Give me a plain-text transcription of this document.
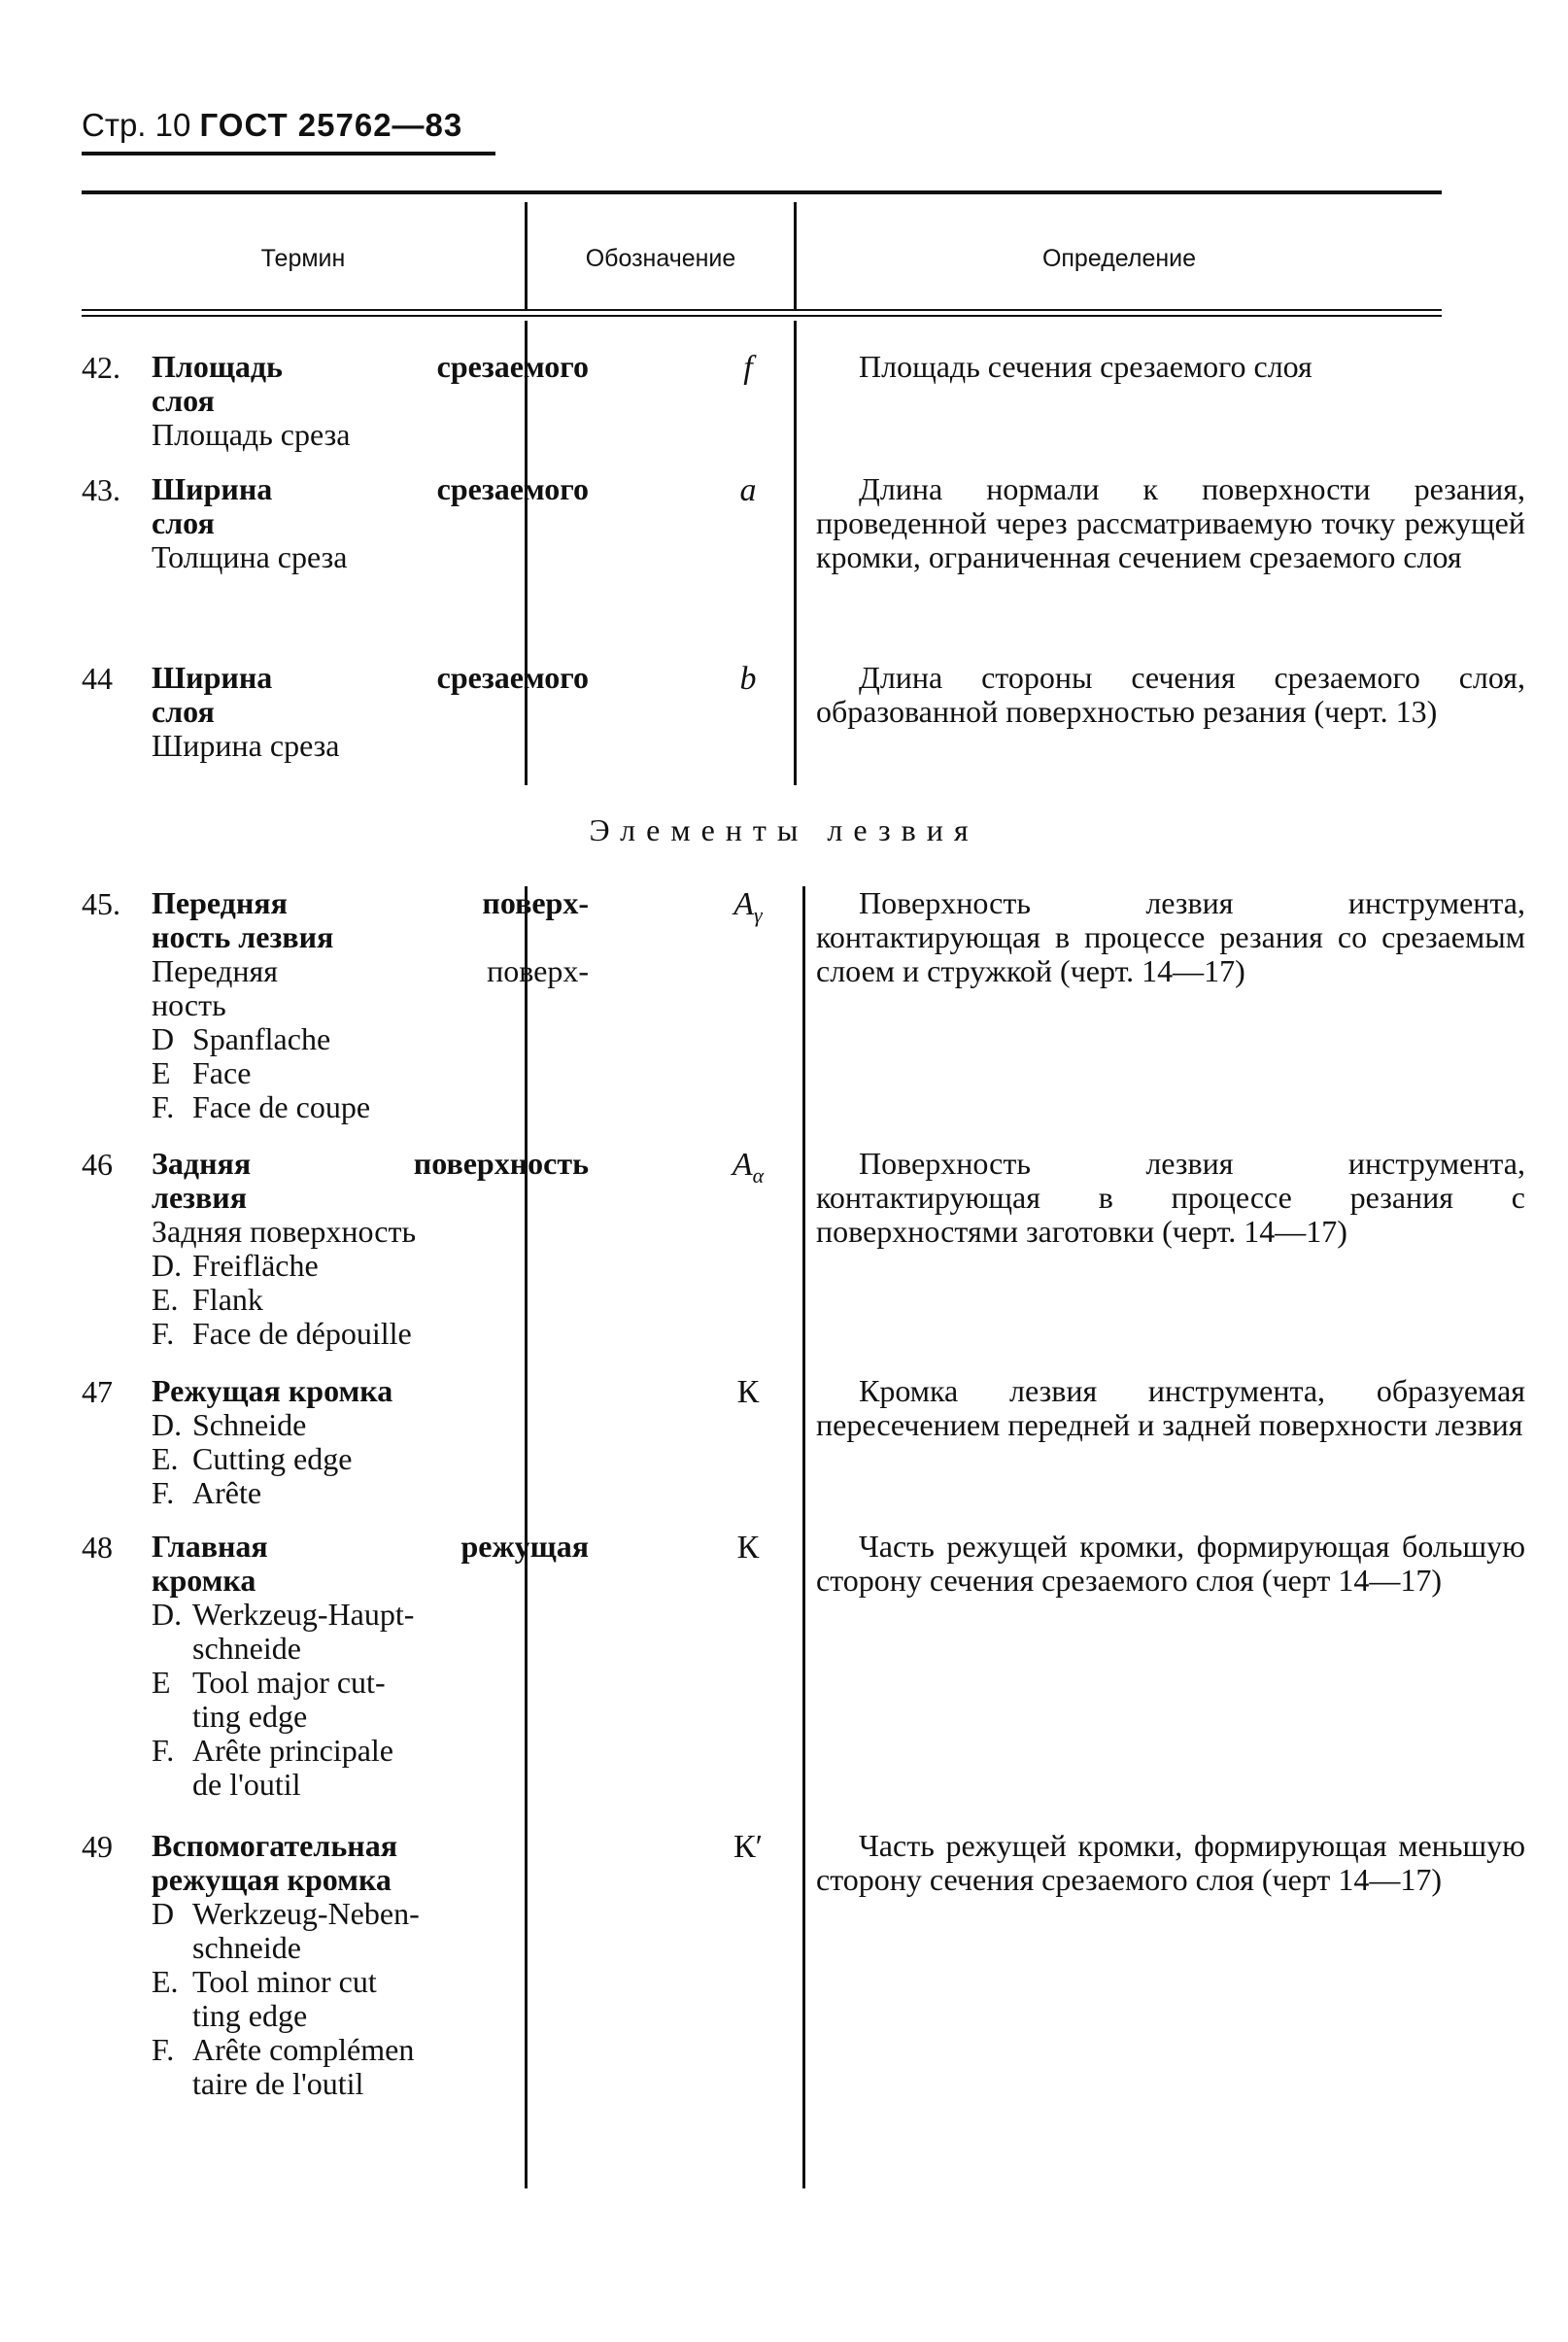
Стр. 10 ГОСТ 25762—83
Термин	Обозначение	Определение
Элементы лезвия
42. Площадь срезаемого
слоя
Площадь среза
f	Площадь сечения срезаемого слоя
43. Ширина срезаемого
слоя
Толщина среза
a	Длина нормали к поверхности резания, проведенной через рассматриваемую точку режущей кромки, ограниченная сечением срезаемого слоя
44 Ширина срезаемого
слоя
Ширина среза
b	Длина стороны сечения срезаемого слоя, образованной поверхностью резания (черт. 13)
45. Передняя поверх-
ность лезвия
Передняя поверх-
ность
D Spanflache
E Face
F. Face de coupe
$A_\gamma$	Поверхность лезвия инструмента, контактирующая в процессе резания со срезаемым слоем и стружкой (черт. 14—17)
46 Задняя поверхность
лезвия
Задняя поверхность
D. Freifläche
E. Flank
F. Face de dépouille
$A_\alpha$	Поверхность лезвия инструмента, контактирующая в процессе резания с поверхностями заготовки (черт. 14—17)
47 Режущая кромка
D. Schneide
E. Cutting edge
F. Arête
К	Кромка лезвия инструмента, образуемая пересечением передней и задней поверхности лезвия
48 Главная режущая
кромка
D. Werkzeug-Haupt-
schneide
E Tool major cut-
ting edge
F. Arête principale
de l'outil
К	Часть режущей кромки, формирующая большую сторону сечения срезаемого слоя (черт 14—17)
49 Вспомогательная
режущая кромка
D Werkzeug-Neben-
schneide
E. Tool minor cut
ting edge
F. Arête complémen
taire de l'outil
К′	Часть режущей кромки, формирующая меньшую сторону сечения срезаемого слоя (черт 14—17)
